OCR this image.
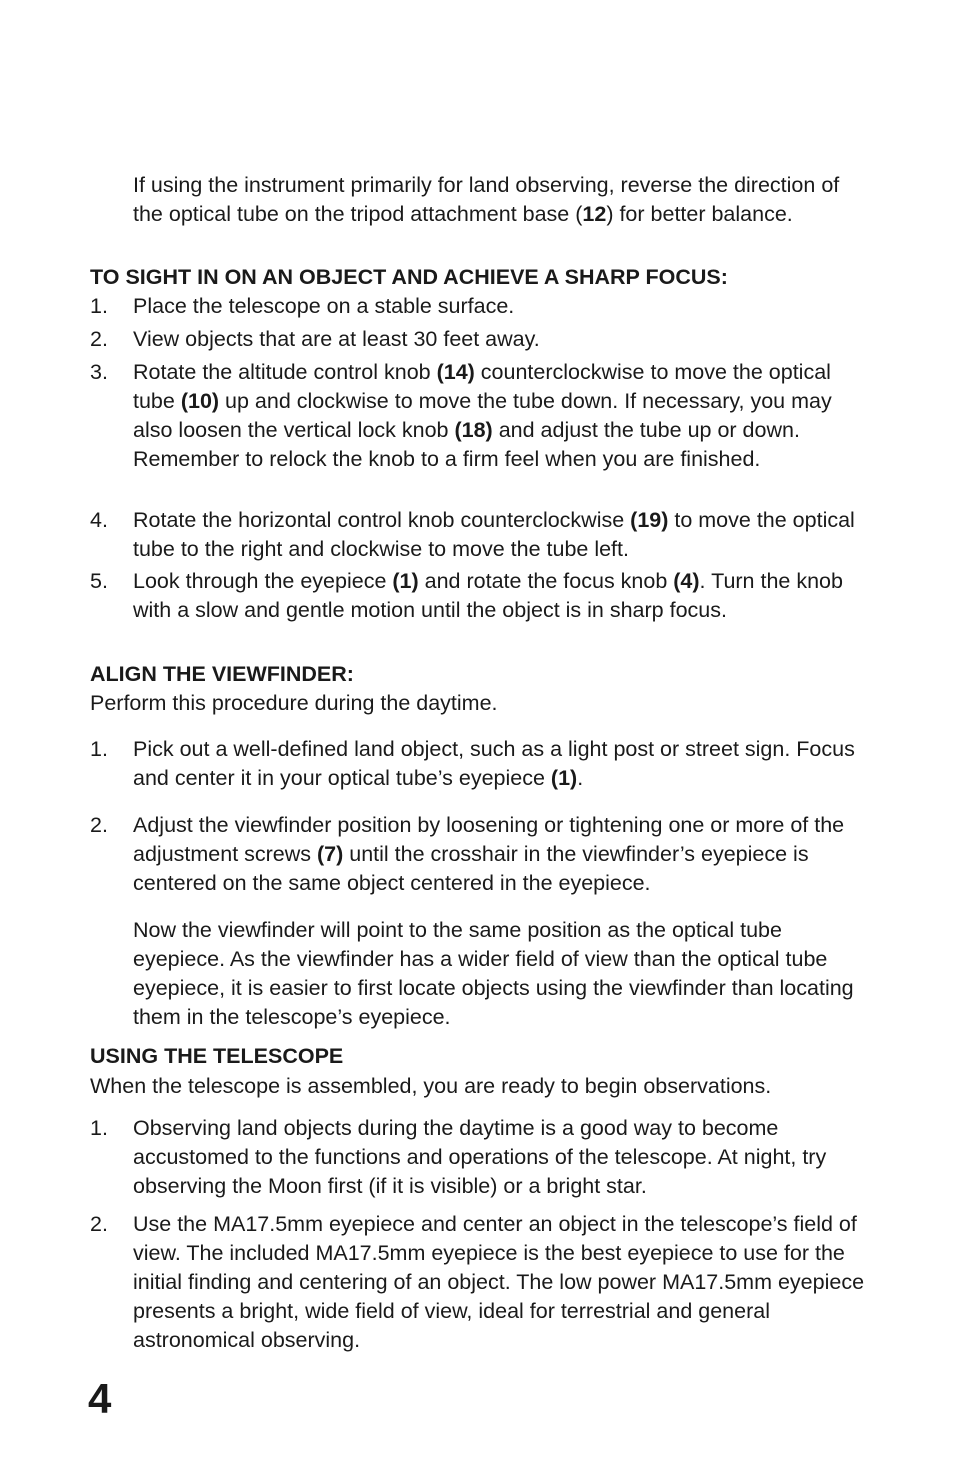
If using the instrument primarily for land observing, reverse the direction of the optical tube on the tripod attachment base (12) for better balance.
TO SIGHT IN ON AN OBJECT AND ACHIEVE A SHARP FOCUS:
1.	Place the telescope on a stable surface.
2.	View objects that are at least 30 feet away.
3.	Rotate the altitude control knob (14) counterclockwise to move the optical tube (10) up and clockwise to move the tube down. If necessary, you may also loosen the vertical lock knob (18) and adjust the tube up or down. Remember to relock the knob to a firm feel when you are finished.
4.	Rotate the horizontal control knob counterclockwise (19) to move the optical tube to the right and clockwise to move the tube left.
5.	Look through the eyepiece (1) and rotate the focus knob (4). Turn the knob with a slow and gentle motion until the object is in sharp focus.
ALIGN THE VIEWFINDER:
Perform this procedure during the daytime.
1.	Pick out a well-defined land object, such as a light post or street sign. Focus and center it in your optical tube’s eyepiece (1).
2.	Adjust the viewfinder position by loosening or tightening one or more of the adjustment screws (7) until the crosshair in the viewfinder’s eyepiece is centered on the same object centered in the eyepiece.
Now the viewfinder will point to the same position as the optical tube eyepiece. As the viewfinder has a wider field of view than the optical tube eyepiece, it is easier to first locate objects using the viewfinder than locating them in the telescope’s eyepiece.
USING THE TELESCOPE
When the telescope is assembled, you are ready to begin observations.
1.	Observing land objects during the daytime is a good way to become accustomed to the functions and operations of the telescope. At night, try observing the Moon first (if it is visible) or a bright star.
2.	Use the MA17.5mm eyepiece and center an object in the telescope’s field of view. The included MA17.5mm eyepiece is the best eyepiece to use for the initial finding and centering of an object. The low power MA17.5mm eyepiece presents a bright, wide field of view, ideal for terrestrial and general astronomical observing.
4
